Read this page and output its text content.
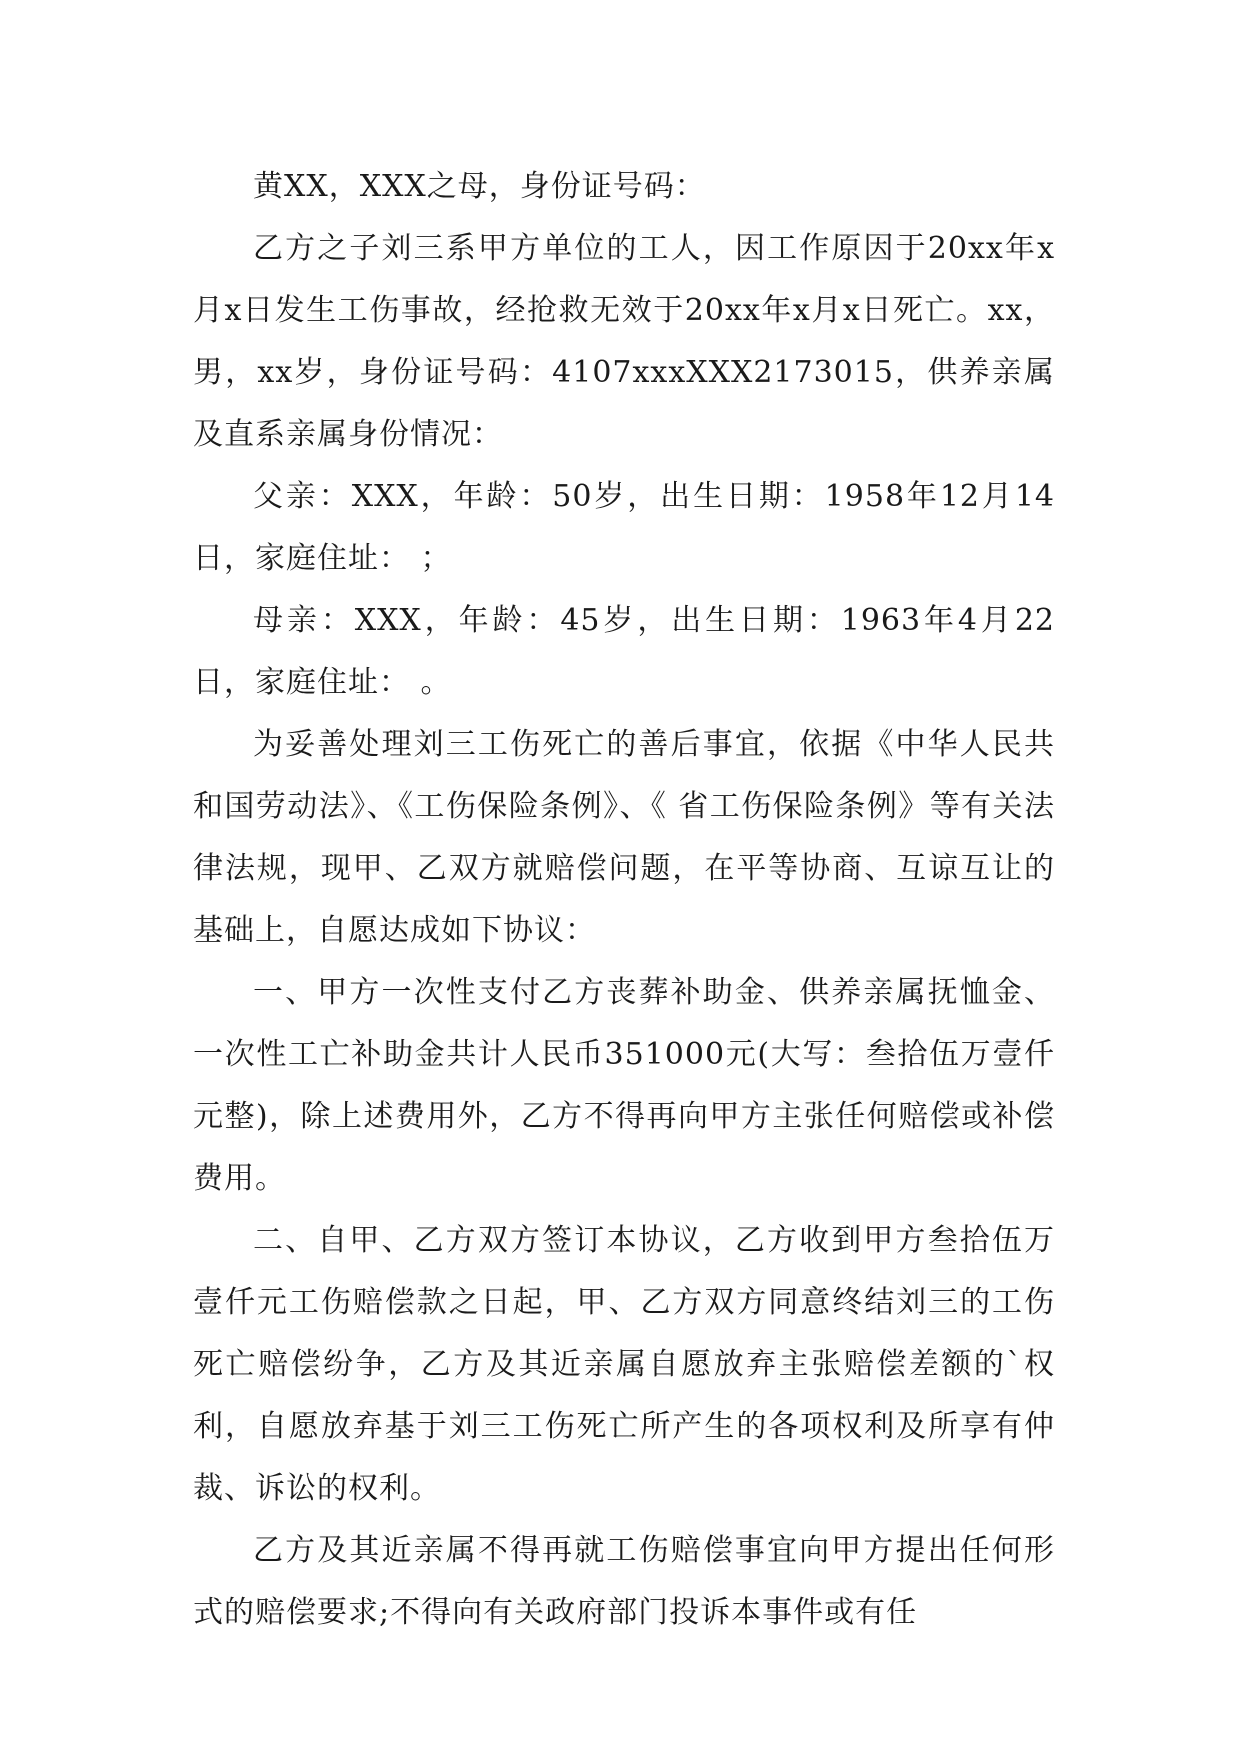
黄XX，XXX之母，身份证号码：

乙方之子刘三系甲方单位的工人，因工作原因于20xx年x月x日发生工伤事故，经抢救无效于20xx年x月x日死亡。xx，男，xx岁，身份证号码：4107xxxXXX2173015，供养亲属及直系亲属身份情况：

父亲：XXX，年龄：50岁，出生日期：1958年12月14日，家庭住址： ；

母亲：XXX，年龄：45岁，出生日期：1963年4月22日，家庭住址： 。

为妥善处理刘三工伤死亡的善后事宜，依据《中华人民共和国劳动法》、《工伤保险条例》、《 省工伤保险条例》等有关法律法规，现甲、乙双方就赔偿问题，在平等协商、互谅互让的基础上，自愿达成如下协议：

一、甲方一次性支付乙方丧葬补助金、供养亲属抚恤金、一次性工亡补助金共计人民币351000元(大写：叁拾伍万壹仟元整)，除上述费用外，乙方不得再向甲方主张任何赔偿或补偿费用。

二、自甲、乙方双方签订本协议，乙方收到甲方叁拾伍万壹仟元工伤赔偿款之日起，甲、乙方双方同意终结刘三的工伤死亡赔偿纷争，乙方及其近亲属自愿放弃主张赔偿差额的`权利，自愿放弃基于刘三工伤死亡所产生的各项权利及所享有仲裁、诉讼的权利。

乙方及其近亲属不得再就工伤赔偿事宜向甲方提出任何形式的赔偿要求;不得向有关政府部门投诉本事件或有任
